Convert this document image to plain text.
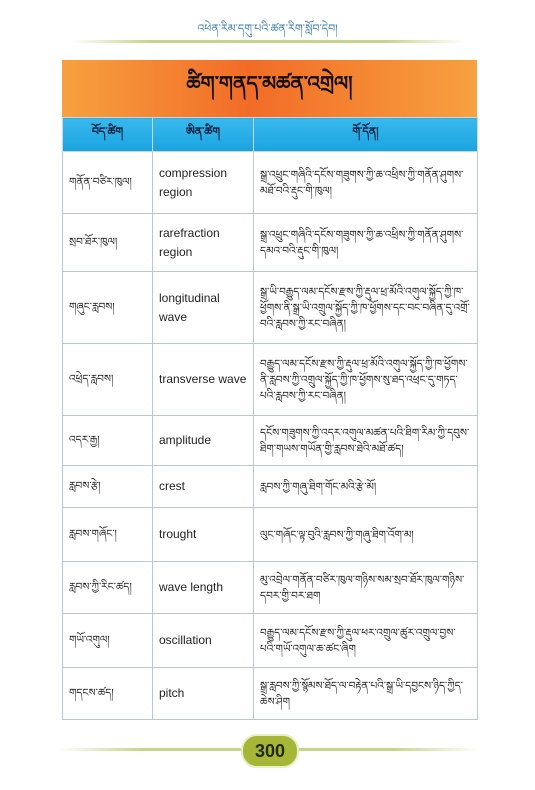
འཕེན་རིམ་དགུ་པའི་ཚན་རིག་སློབ་དེབ།
ཚིག་གནད་མཚན་འགྲེལ།
བོད་ཚིག	ཨིན་ཚིག	གོ་དོན།
གནོན་བཙིར་ཁུལ།	compression region	སྒྲ་འཕྲུང་གཞིའི་དངོས་གཟུགས་ཀྱི་ཆ་འཕྲིས་ཀྱི་གནོན་ཤུགས་མཐོ་བའི་རྡུང་གི་ཁུལ།
སྲབ་ཐོར་ཁུལ།	rarefraction region	སྒྲ་འཕྲུང་གཞིའི་དངོས་གཟུགས་ཀྱི་ཆ་འཕྲིས་ཀྱི་གནོན་ཤུགས་དམའ་བའི་རྡུང་གི་ཁུལ།
གཞུང་རླབས།	longitudinal wave	སྒྲ་ཡི་བརྒྱུད་ལམ་དངོས་རྫས་ཀྱི་རྡུལ་ཕྲ་མོའི་འགུལ་སྐྱོད་ཀྱི་ཁ་ཕྱོགས་ནི་སྒྲ་ཡི་འགྲུལ་སྐྱོད་ཀྱི་ཁ་ཕྱོགས་དང་བང་བཞིན་དུ་འགྲོ་བའི་རླབས་ཀྱི་རང་བཞིན།
འཕྲེད་རླབས།	transverse wave	བརྒྱུད་ལམ་དངོས་རྫས་ཀྱི་རྡུལ་ཕྲ་མོའི་འགུལ་སྐྱོད་ཀྱི་ཁ་ཕྱོགས་ནི་རླབས་ཀྱི་འགྲུལ་སྐྱོད་ཀྱི་ཁ་ཕྱོགས་སུ་ཐད་འཕྲང་དུ་གཏད་པའི་རླབས་ཀྱི་རང་བཞིན།
འདར་རྒྱ།	amplitude	དངོས་གཟུགས་ཀྱི་འདར་འགུལ་མཚན་པའི་ཐིག་རིམ་ཀྱི་དབུས་ཐིག་གཡས་གཡོན་གྱི་རླབས་ཐེའི་མཐོ་ཚད།
རླབས་རྩེ།	crest	རླབས་ཀྱི་གཞུ་ཐིག་གོང་མའི་རྩེ་མོ།
རླབས་གཞོང་།	trought	ལུང་གཞོང་ལྟ་བུའི་རླབས་ཀྱི་གཞུ་ཐིག་འོག་མ།
རླབས་ཀྱི་རིང་ཚད།	wave length	མུ་འབྲེལ་གནོན་བཙིར་ཁུལ་གཉིས་སམ་སྲབ་ཐོར་ཁུལ་གཉིས་དབར་གྱི་བར་ཐག
གཡོ་འགུལ།	oscillation	བརྒྱུད་ལམ་དངོས་རྫས་ཀྱི་རྡུལ་ཕར་འགྲུལ་ཚུར་འགྲུལ་བྱས་པའི་གཡོ་འགུལ་ཆ་ཚང་ཞིག
གདངས་ཚད།	pitch	སྒྲ་རླབས་ཀྱི་སྙོམས་ཐོད་ལ་བརྟེན་པའི་སྒྲ་ཡི་དབྱངས་ཉིད་ཀྱིད་ཆེས་ཤིག
300
